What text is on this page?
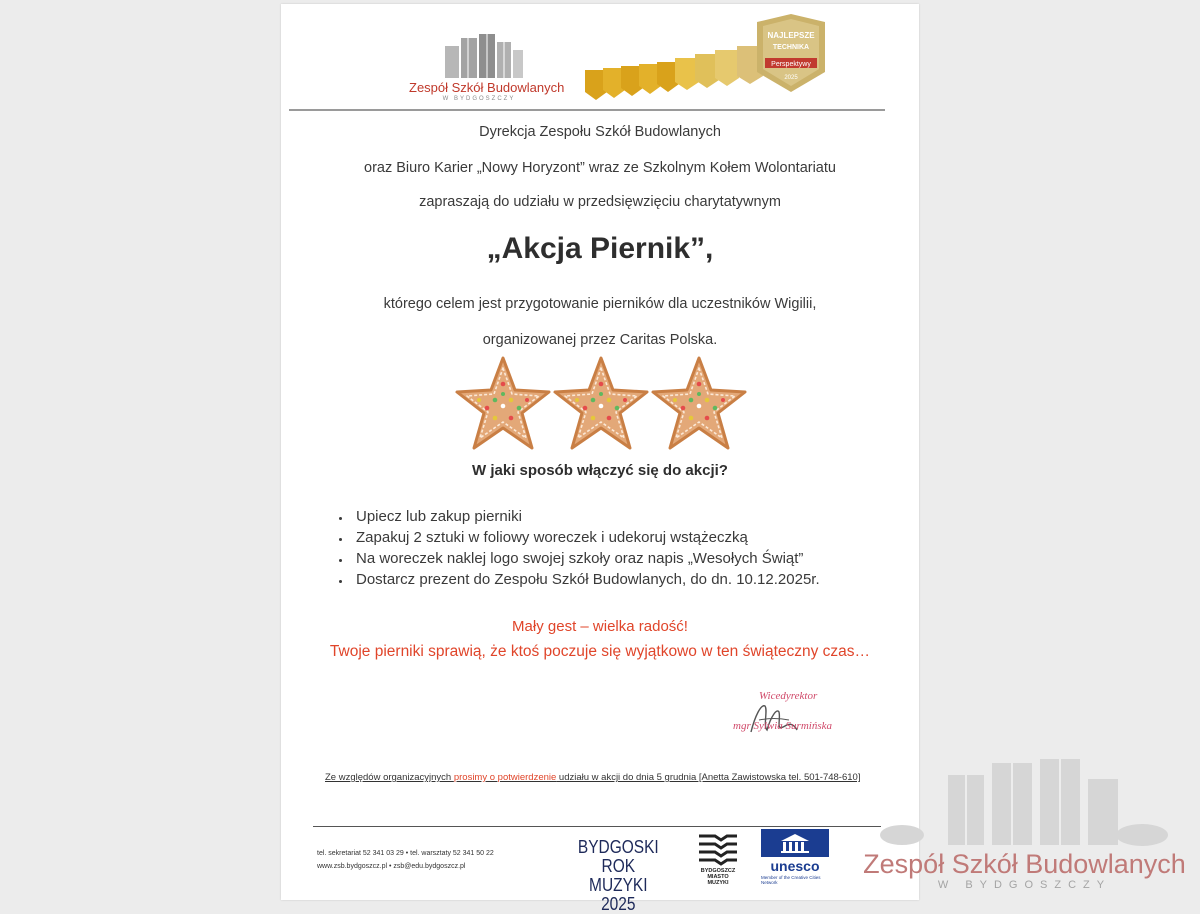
Zespół Szkół Budowlanych
W BYDGOSZCZY
NAJLEPSZE
TECHNIKA
Perspektywy
2025
Dyrekcja Zespołu Szkół Budowlanych
oraz Biuro Karier „Nowy Horyzont” wraz ze Szkolnym Kołem Wolontariatu
zapraszają do udziału w przedsięwzięciu charytatywnym
„Akcja Piernik”,
którego celem jest przygotowanie pierników dla uczestników Wigilii,
organizowanej przez Caritas Polska.
W jaki sposób włączyć się do akcji?
Upiecz lub zakup pierniki
Zapakuj 2 sztuki w foliowy woreczek i udekoruj wstążeczką
Na woreczek naklej logo swojej szkoły oraz napis „Wesołych Świąt”
Dostarcz prezent do Zespołu Szkół Budowlanych, do dn. 10.12.2025r.
Mały gest – wielka radość!
Twoje pierniki sprawią, że ktoś poczuje się wyjątkowo w ten świąteczny czas…
Wicedyrektor
mgr Sylwia Surmińska
Ze względów organizacyjnych prosimy o potwierdzenie udziału w akcji do dnia 5 grudnia [Anetta Zawistowska tel. 501-748-610]
tel. sekretariat 52 341 03 29 • tel. warsztaty 52 341 50 22
www.zsb.bydgoszcz.pl • zsb@edu.bydgoszcz.pl
BYDGOSKI ROK
MUZYKI 2025
BYDGOSZCZ
MIASTO
MUZYKI
unesco
Member of the Creative Cities Network
Zespół Szkół Budowlanych
W BYDGOSZCZY
